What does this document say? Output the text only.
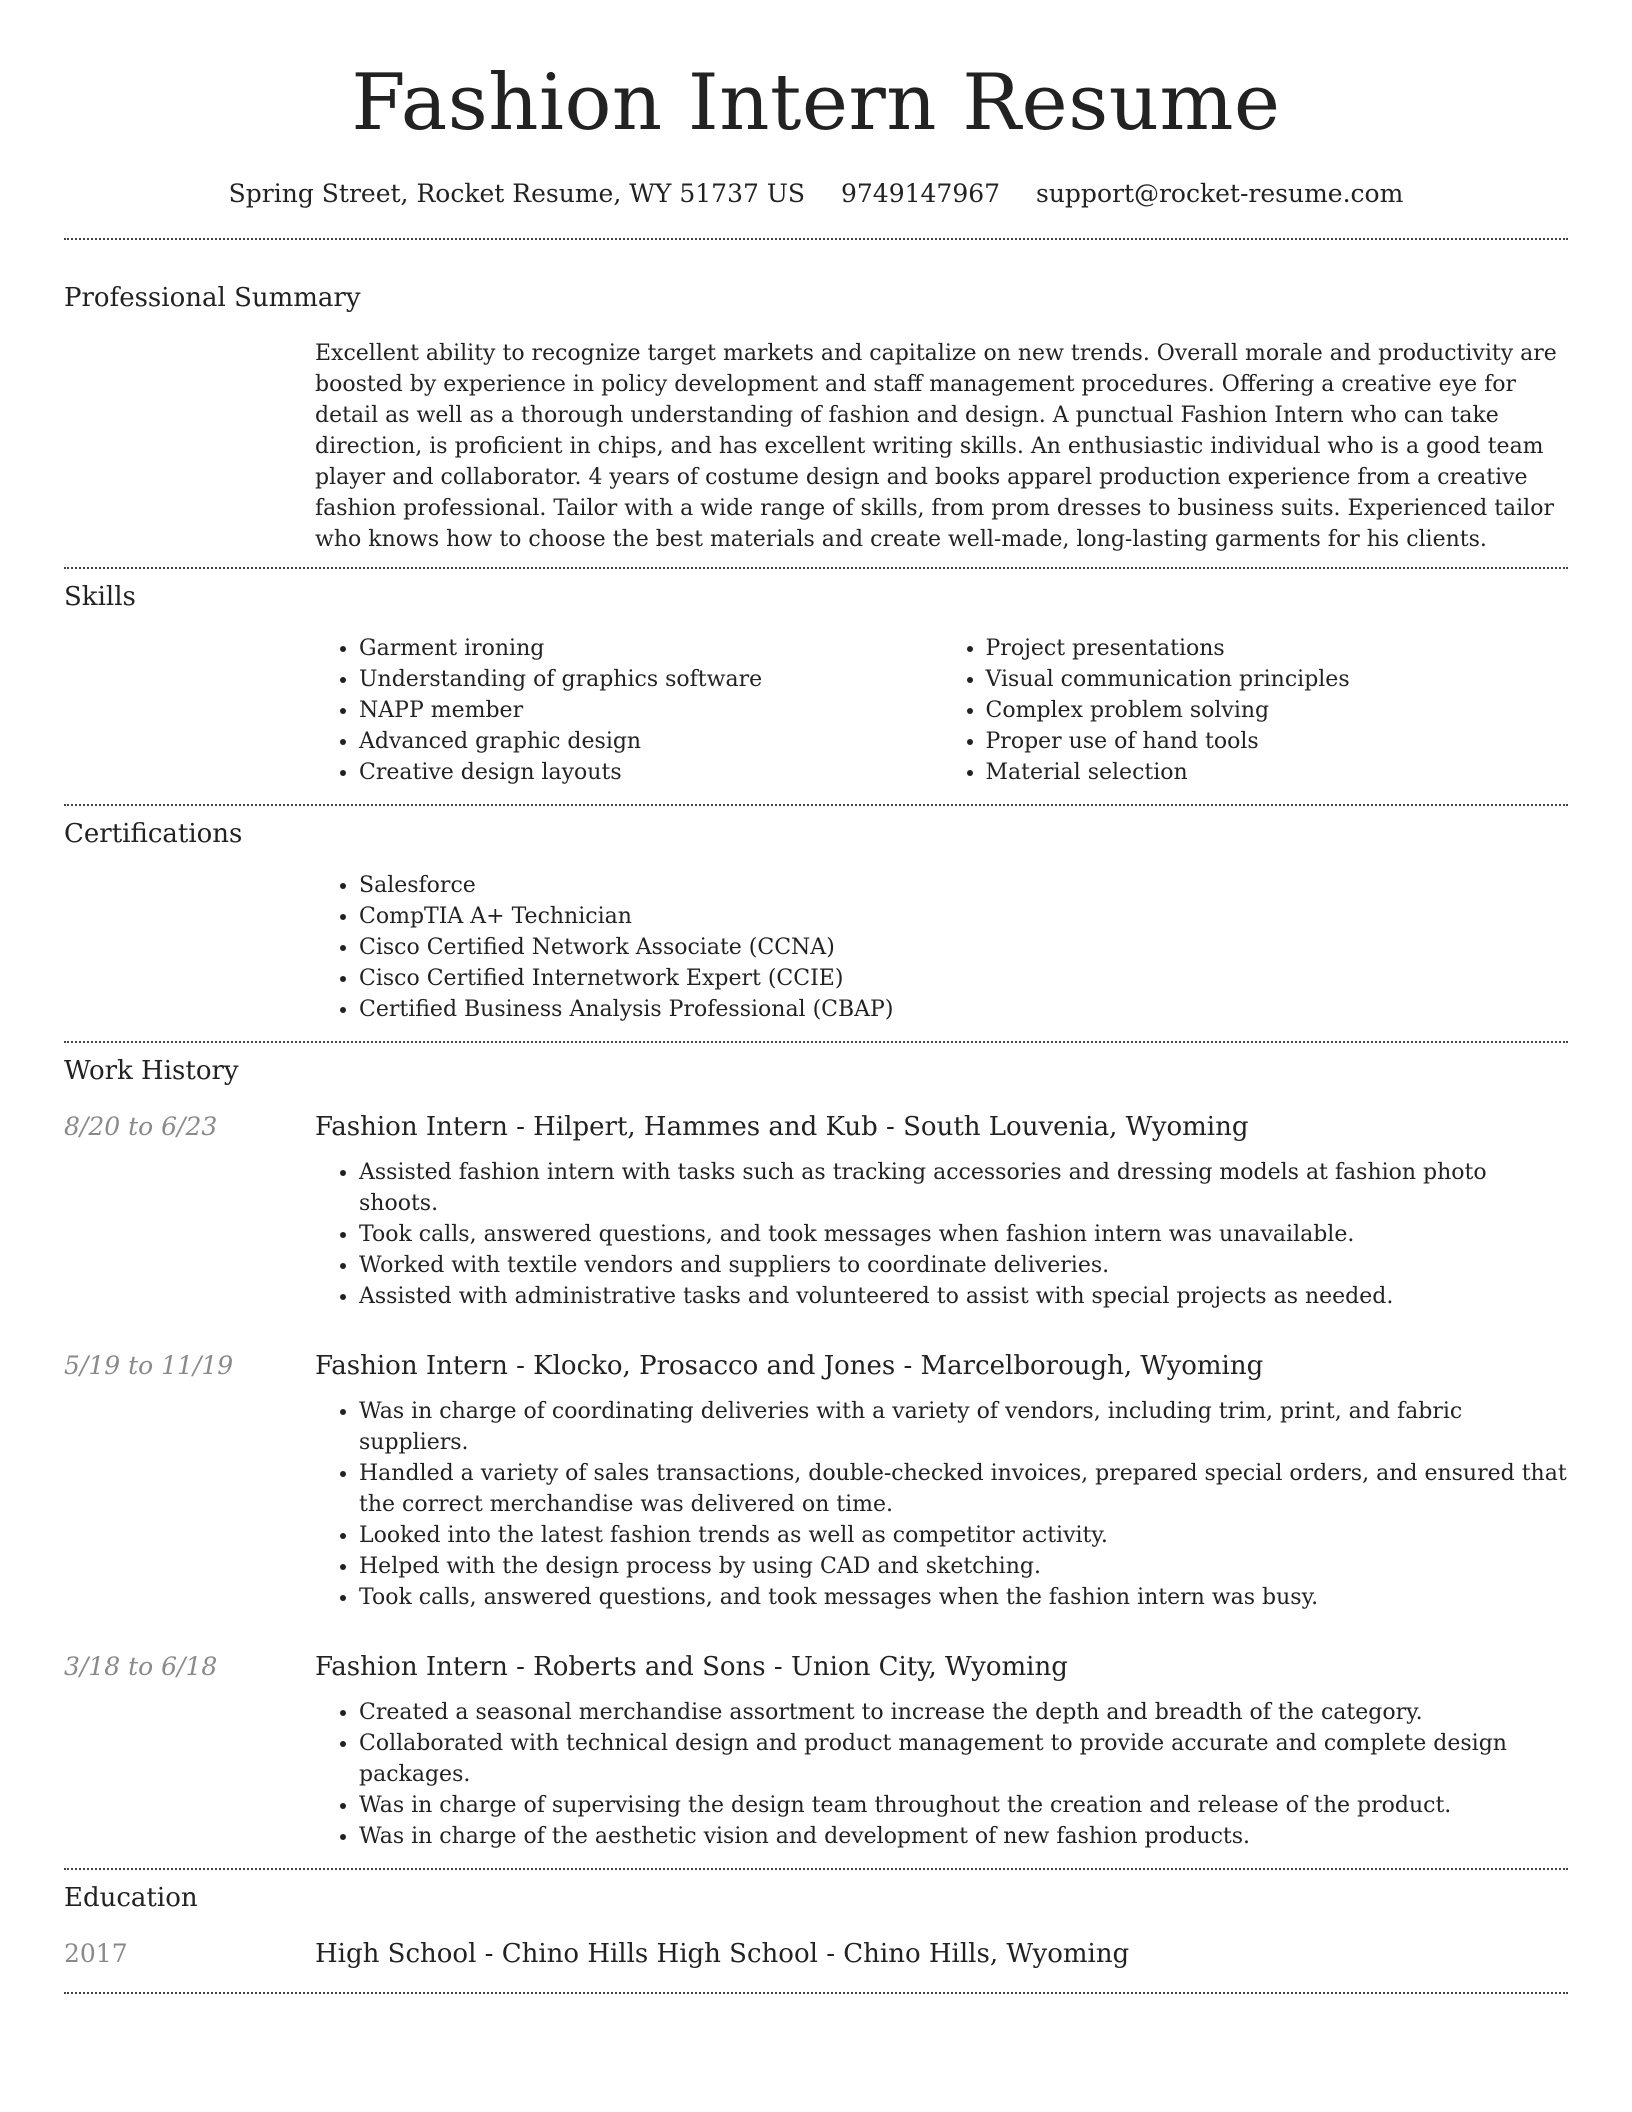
Fashion Intern Resume
Spring Street, Rocket Resume, WY 51737 US 9749147967 support@rocket-resume.com
Professional Summary

Excellent ability to recognize target markets and capitalize on new trends. Overall morale and productivity are boosted by experience in policy development and staff management procedures. Offering a creative eye for detail as well as a thorough understanding of fashion and design. A punctual Fashion Intern who can take direction, is proficient in chips, and has excellent writing skills. An enthusiastic individual who is a good team player and collaborator. 4 years of costume design and books apparel production experience from a creative fashion professional. Tailor with a wide range of skills, from prom dresses to business suits. Experienced tailor who knows how to choose the best materials and create well-made, long-lasting garments for his clients.

Skills
• Garment ironing
• Understanding of graphics software
• NAPP member
• Advanced graphic design
• Creative design layouts
• Project presentations
• Visual communication principles
• Complex problem solving
• Proper use of hand tools
• Material selection
Certifications
• Salesforce
• CompTIA A+ Technician
• Cisco Certified Network Associate (CCNA)
• Cisco Certified Internetwork Expert (CCIE)
• Certified Business Analysis Professional (CBAP)
Work History
8/20 to 6/23	Fashion Intern - Hilpert, Hammes and Kub - South Louvenia, Wyoming
• Assisted fashion intern with tasks such as tracking accessories and dressing models at fashion photo shoots.
• Took calls, answered questions, and took messages when fashion intern was unavailable.
• Worked with textile vendors and suppliers to coordinate deliveries.
• Assisted with administrative tasks and volunteered to assist with special projects as needed.
5/19 to 11/19	Fashion Intern - Klocko, Prosacco and Jones - Marcelborough, Wyoming
• Was in charge of coordinating deliveries with a variety of vendors, including trim, print, and fabric suppliers.
• Handled a variety of sales transactions, double-checked invoices, prepared special orders, and ensured that the correct merchandise was delivered on time.
• Looked into the latest fashion trends as well as competitor activity.
• Helped with the design process by using CAD and sketching.
• Took calls, answered questions, and took messages when the fashion intern was busy.
3/18 to 6/18	Fashion Intern - Roberts and Sons - Union City, Wyoming
• Created a seasonal merchandise assortment to increase the depth and breadth of the category.
• Collaborated with technical design and product management to provide accurate and complete design packages.
• Was in charge of supervising the design team throughout the creation and release of the product.
• Was in charge of the aesthetic vision and development of new fashion products.
Education
2017	High School - Chino Hills High School - Chino Hills, Wyoming
